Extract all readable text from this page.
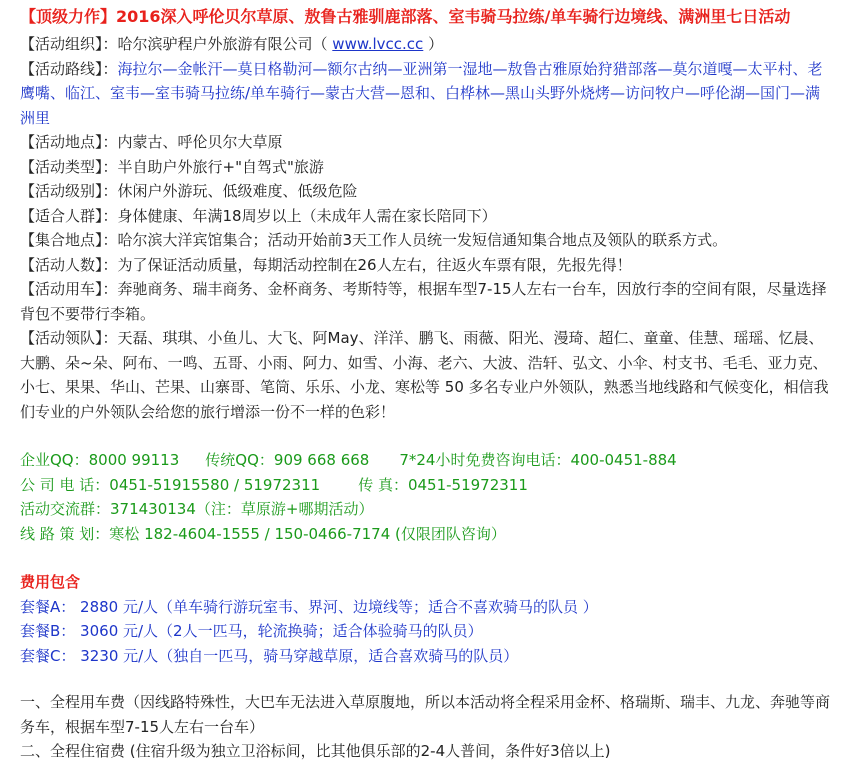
【顶级力作】2016深入呼伦贝尔草原、敖鲁古雅驯鹿部落、室韦骑马拉练/单车骑行边境线、满洲里七日活动
【活动组织】：哈尔滨驴程户外旅游有限公司（ www.lvcc.cc ）
【活动路线】：海拉尔—金帐汗—莫日格勒河—额尔古纳—亚洲第一湿地—敖鲁古雅原始狩猎部落—莫尔道嘎—太平村、老鹰嘴、临江、室韦—室韦骑马拉练/单车骑行—蒙古大营—恩和、白桦林—黑山头野外烧烤—访问牧户—呼伦湖—国门—满洲里
【活动地点】：内蒙古、呼伦贝尔大草原
【活动类型】：半自助户外旅行+"自驾式"旅游
【活动级别】：休闲户外游玩、低级难度、低级危险
【适合人群】：身体健康、年满18周岁以上（未成年人需在家长陪同下）
【集合地点】：哈尔滨大洋宾馆集合；活动开始前3天工作人员统一发短信通知集合地点及领队的联系方式。
【活动人数】：为了保证活动质量，每期活动控制在26人左右，往返火车票有限，先报先得！
【活动用车】：奔驰商务、瑞丰商务、金杯商务、考斯特等，根据车型7-15人左右一台车，因放行李的空间有限，尽量选择背包不要带行李箱。
【活动领队】：天磊、琪琪、小鱼儿、大飞、阿May、洋洋、鹏飞、雨薇、阳光、漫琦、超仁、童童、佳慧、瑶瑶、忆晨、大鹏、朵~朵、阿布、一鸣、五哥、小雨、阿力、如雪、小海、老六、大波、浩轩、弘文、小伞、村支书、毛毛、亚力克、小七、果果、华山、芒果、山寨哥、笔筒、乐乐、小龙、寒松等 50 多名专业户外领队，熟悉当地线路和气候变化，相信我们专业的户外领队会给您的旅行增添一份不一样的色彩！
企业QQ：8000 99113 传统QQ：909 668 668 7*24小时免费咨询电话：400-0451-884
公 司 电 话：0451-51915580 / 51972311	传 真：0451-51972311
活动交流群：371430134（注：草原游+哪期活动）
线 路 策 划：寒松 182-4604-1555 / 150-0466-7174 (仅限团队咨询）
费用包含
套餐A： 2880 元/人（单车骑行游玩室韦、界河、边境线等；适合不喜欢骑马的队员 ）
套餐B： 3060 元/人（2人一匹马，轮流换骑；适合体验骑马的队员）
套餐C： 3230 元/人（独自一匹马，骑马穿越草原，适合喜欢骑马的队员）
一、全程用车费（因线路特殊性，大巴车无法进入草原腹地，所以本活动将全程采用金杯、格瑞斯、瑞丰、九龙、奔驰等商务车，根据车型7-15人左右一台车）
二、全程住宿费 (住宿升级为独立卫浴标间，比其他俱乐部的2-4人普间，条件好3倍以上)
